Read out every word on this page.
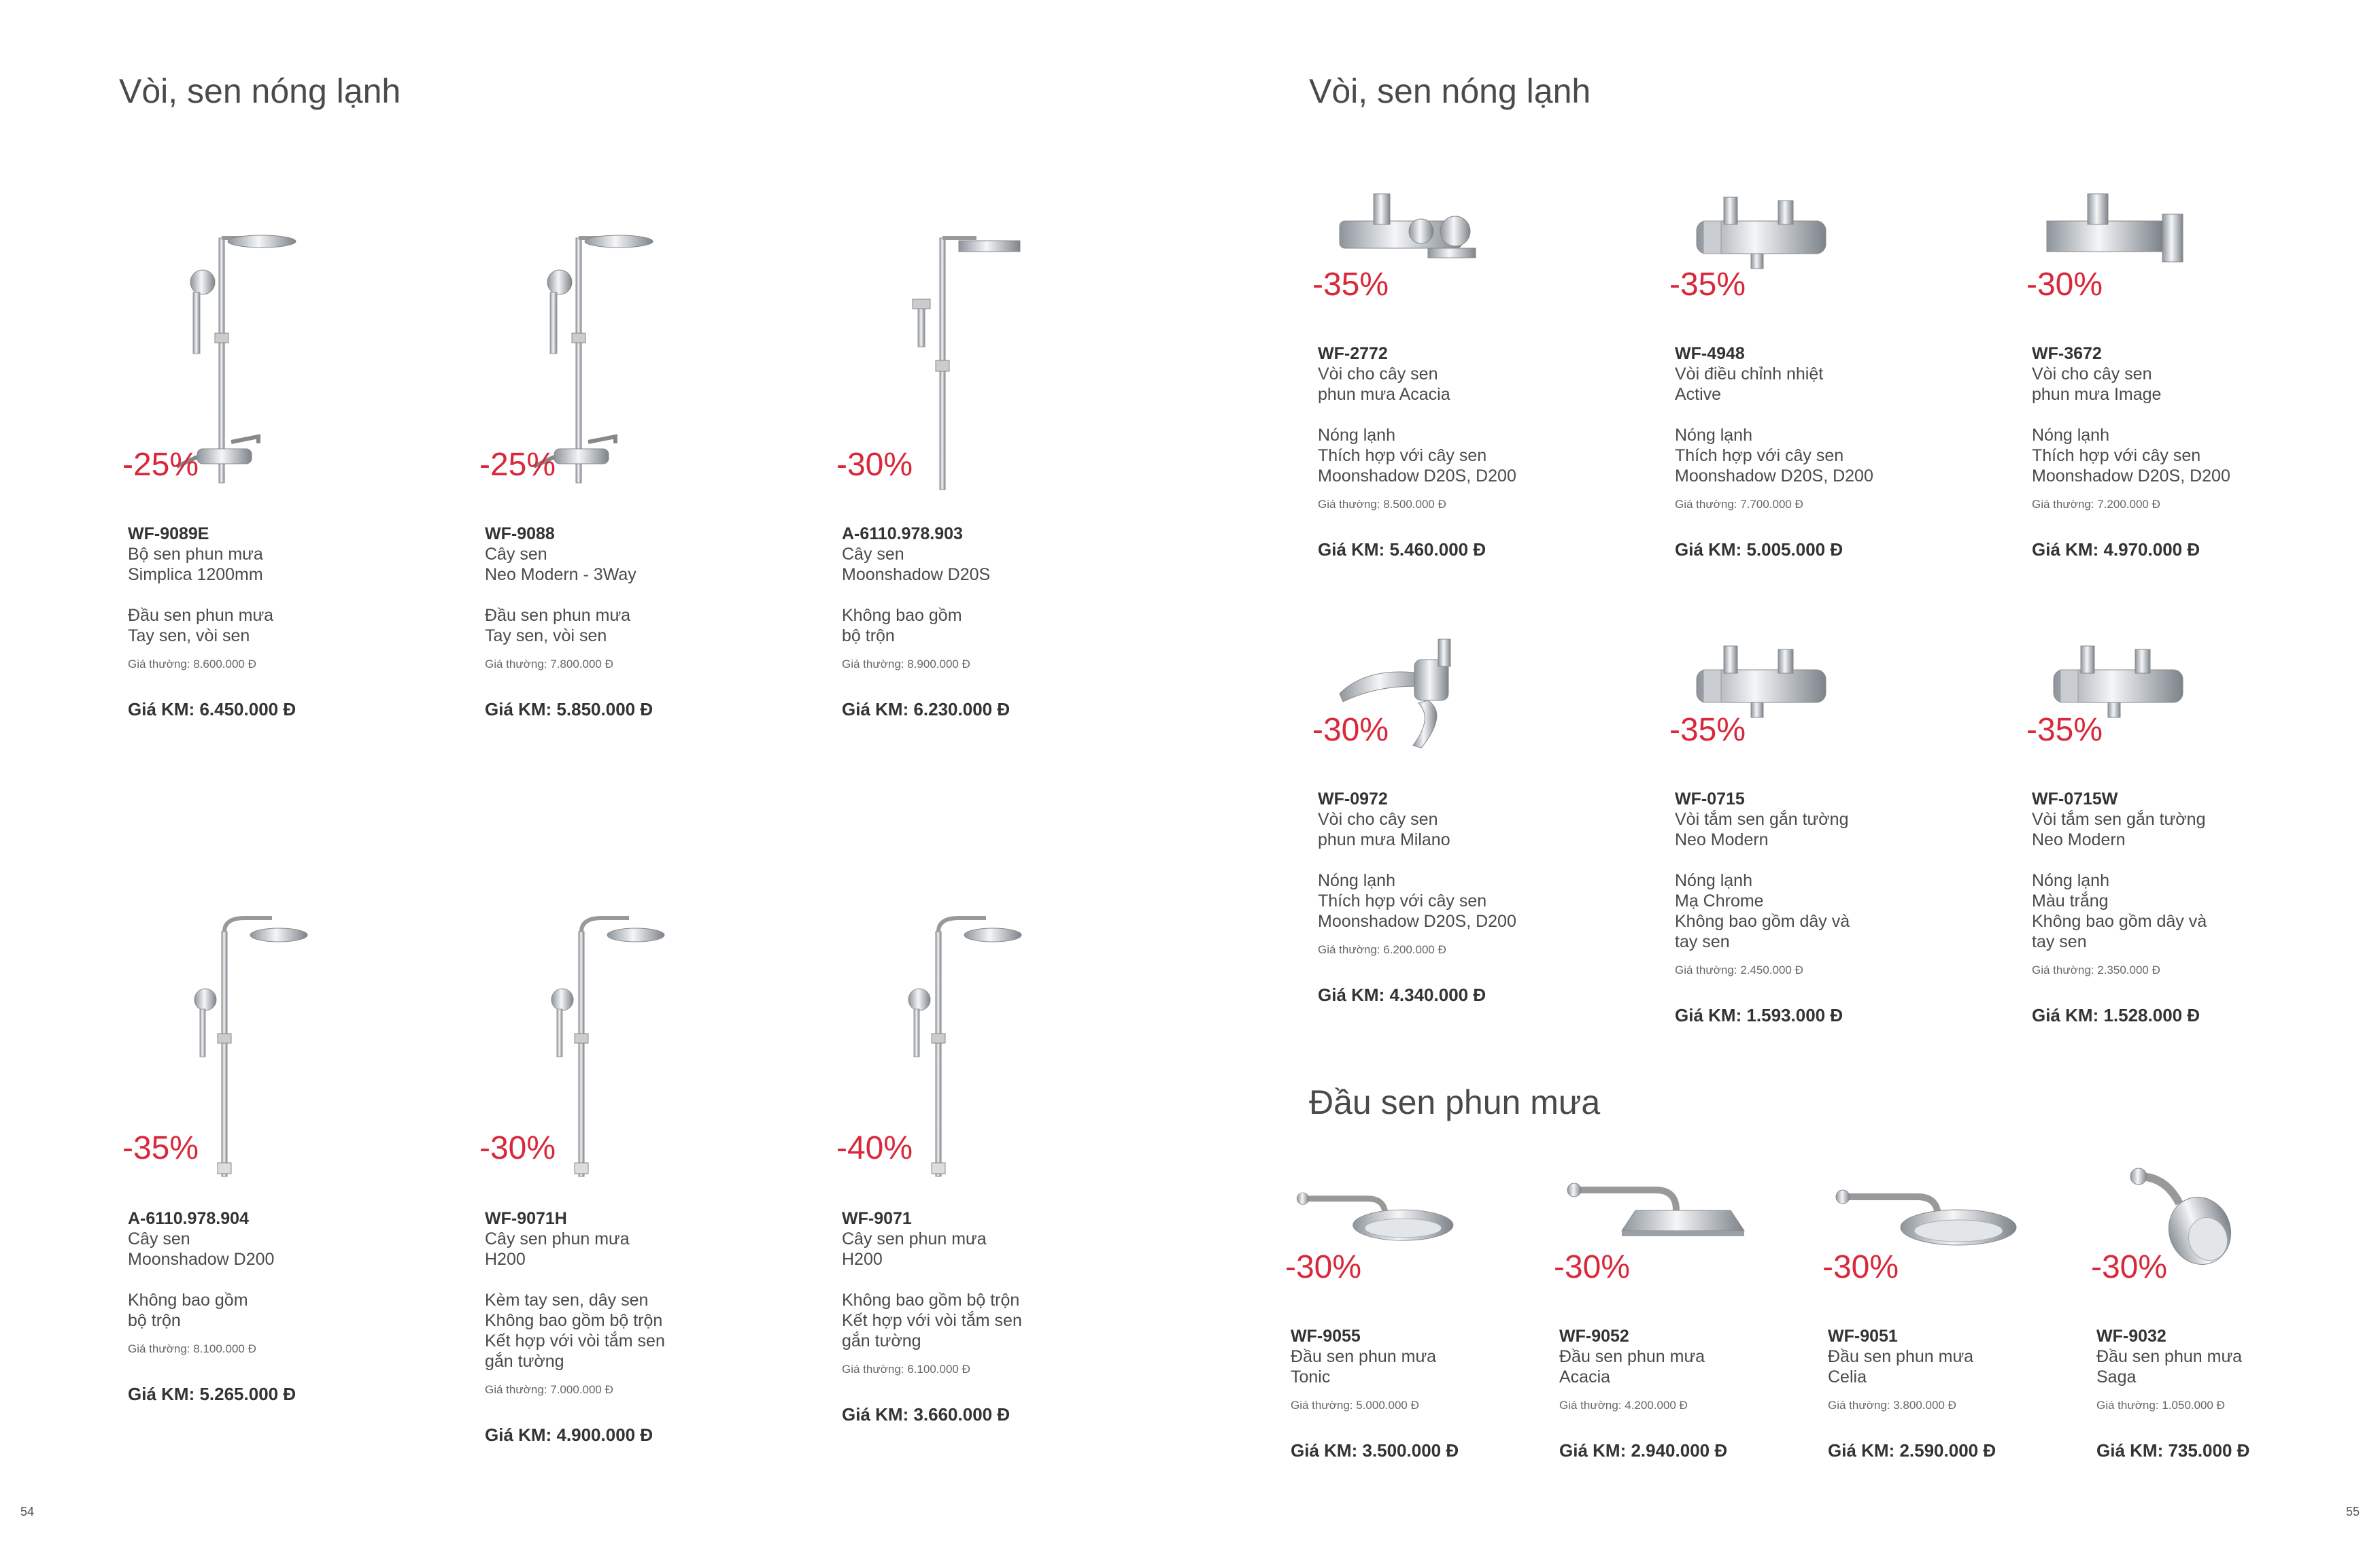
Vòi, sen nóng lạnh
54
-25%
WF-9089E
Bộ sen phun mưa
Simplica 1200mm
Đầu sen phun mưa
Tay sen, vòi sen
Giá thường: 8.600.000 Đ
Giá KM: 6.450.000 Đ
-25%
WF-9088
Cây sen
Neo Modern - 3Way
Đầu sen phun mưa
Tay sen, vòi sen
Giá thường: 7.800.000 Đ
Giá KM: 5.850.000 Đ
-30%
A-6110.978.903
Cây sen
Moonshadow D20S
Không bao gồm
bộ trộn
Giá thường: 8.900.000 Đ
Giá KM: 6.230.000 Đ
-35%
A-6110.978.904
Cây sen
Moonshadow D200
Không bao gồm
bộ trộn
Giá thường: 8.100.000 Đ
Giá KM: 5.265.000 Đ
-30%
WF-9071H
Cây sen phun mưa
H200
Kèm tay sen, dây sen
Không bao gồm bộ trộn
Kết hợp với vòi tắm sen
gắn tường
Giá thường: 7.000.000 Đ
Giá KM: 4.900.000 Đ
-40%
WF-9071
Cây sen phun mưa
H200
Không bao gồm bộ trộn
Kết hợp với vòi tắm sen
gắn tường
Giá thường: 6.100.000 Đ
Giá KM: 3.660.000 Đ
Vòi, sen nóng lạnh
55
-35%
WF-2772
Vòi cho cây sen
phun mưa Acacia
Nóng lạnh
Thích hợp với cây sen
Moonshadow D20S, D200
Giá thường: 8.500.000 Đ
Giá KM: 5.460.000 Đ
-35%
WF-4948
Vòi điều chỉnh nhiệt
Active
Nóng lạnh
Thích hợp với cây sen
Moonshadow D20S, D200
Giá thường: 7.700.000 Đ
Giá KM: 5.005.000 Đ
-30%
WF-3672
Vòi cho cây sen
phun mưa Image
Nóng lạnh
Thích hợp với cây sen
Moonshadow D20S, D200
Giá thường: 7.200.000 Đ
Giá KM: 4.970.000 Đ
-30%
WF-0972
Vòi cho cây sen
phun mưa Milano
Nóng lạnh
Thích hợp với cây sen
Moonshadow D20S, D200
Giá thường: 6.200.000 Đ
Giá KM: 4.340.000 Đ
-35%
WF-0715
Vòi tắm sen gắn tường
Neo Modern
Nóng lạnh
Mạ Chrome
Không bao gồm dây và
tay sen
Giá thường: 2.450.000 Đ
Giá KM: 1.593.000 Đ
-35%
WF-0715W
Vòi tắm sen gắn tường
Neo Modern
Nóng lạnh
Màu trắng
Không bao gồm dây và
tay sen
Giá thường: 2.350.000 Đ
Giá KM: 1.528.000 Đ
Đầu sen phun mưa
-30%
WF-9055
Đầu sen phun mưa
Tonic
Giá thường: 5.000.000 Đ
Giá KM: 3.500.000 Đ
-30%
WF-9052
Đầu sen phun mưa
Acacia
Giá thường: 4.200.000 Đ
Giá KM: 2.940.000 Đ
-30%
WF-9051
Đầu sen phun mưa
Celia
Giá thường: 3.800.000 Đ
Giá KM: 2.590.000 Đ
-30%
WF-9032
Đầu sen phun mưa
Saga
Giá thường: 1.050.000 Đ
Giá KM: 735.000 Đ
